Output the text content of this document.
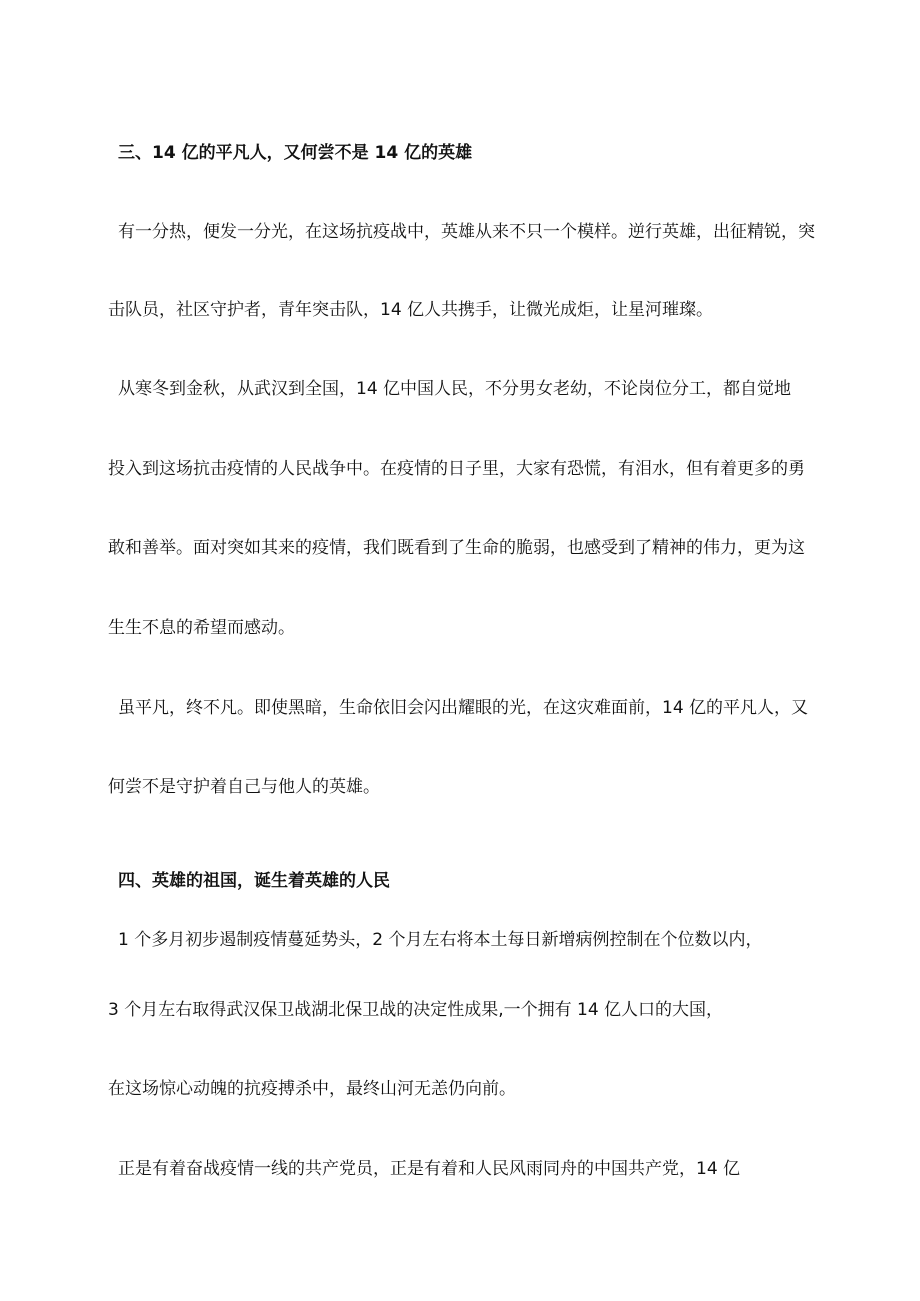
三、14 亿的平凡人，又何尝不是 14 亿的英雄
有一分热，便发一分光，在这场抗疫战中，英雄从来不只一个模样。逆行英雄，出征精锐，突
击队员，社区守护者，青年突击队，14 亿人共携手，让微光成炬，让星河璀璨。
从寒冬到金秋，从武汉到全国，14 亿中国人民，不分男女老幼，不论岗位分工，都自觉地
投入到这场抗击疫情的人民战争中。在疫情的日子里，大家有恐慌，有泪水，但有着更多的勇
敢和善举。面对突如其来的疫情，我们既看到了生命的脆弱，也感受到了精神的伟力，更为这
生生不息的希望而感动。
虽平凡，终不凡。即使黑暗，生命依旧会闪出耀眼的光，在这灾难面前，14 亿的平凡人，又
何尝不是守护着自己与他人的英雄。
四、英雄的祖国，诞生着英雄的人民
1 个多月初步遏制疫情蔓延势头，2 个月左右将本土每日新增病例控制在个位数以内，
3 个月左右取得武汉保卫战湖北保卫战的决定性成果,一个拥有 14 亿人口的大国，
在这场惊心动魄的抗疫搏杀中，最终山河无恙仍向前。
正是有着奋战疫情一线的共产党员，正是有着和人民风雨同舟的中国共产党，14 亿
